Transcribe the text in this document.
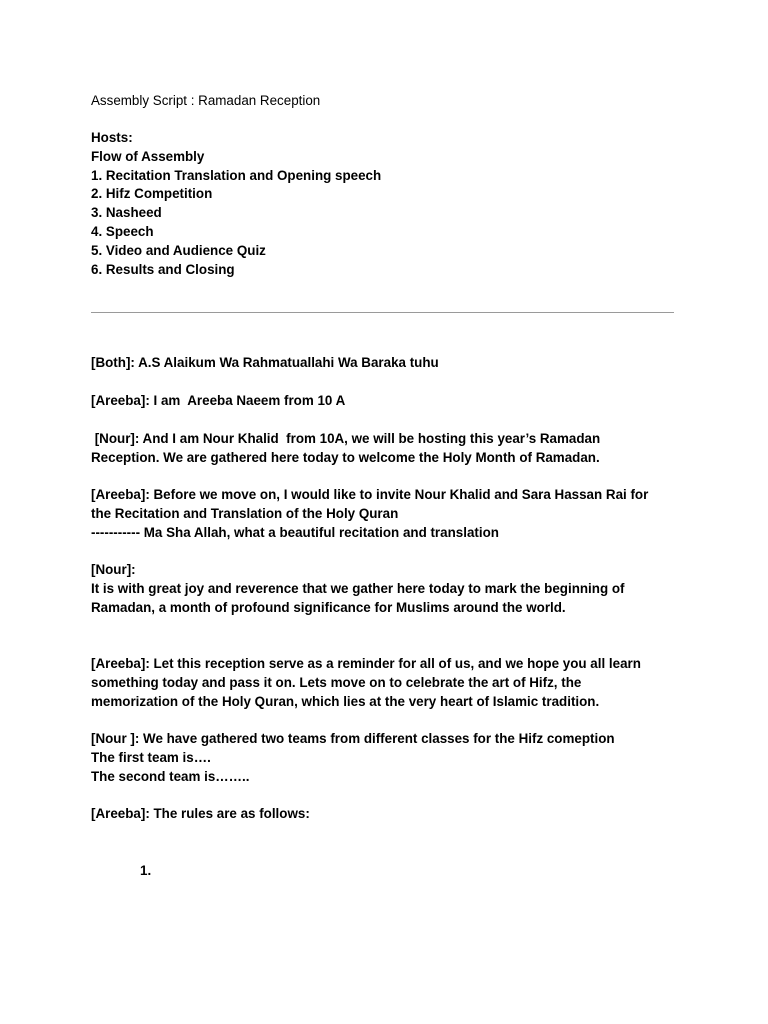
Assembly Script : Ramadan Reception
Hosts:
Flow of Assembly
1. Recitation Translation and Opening speech
2. Hifz Competition
3. Nasheed
4. Speech
5. Video and Audience Quiz
6. Results and Closing
[Both]: A.S Alaikum Wa Rahmatuallahi Wa Baraka tuhu
[Areeba]: I am  Areeba Naeem from 10 A
[Nour]: And I am Nour Khalid  from 10A, we will be hosting this year’s Ramadan
Reception. We are gathered here today to welcome the Holy Month of Ramadan.
[Areeba]: Before we move on, I would like to invite Nour Khalid and Sara Hassan Rai for
the Recitation and Translation of the Holy Quran
----------- Ma Sha Allah, what a beautiful recitation and translation
[Nour]:
It is with great joy and reverence that we gather here today to mark the beginning of
Ramadan, a month of profound significance for Muslims around the world.
[Areeba]: Let this reception serve as a reminder for all of us, and we hope you all learn
something today and pass it on. Lets move on to celebrate the art of Hifz, the
memorization of the Holy Quran, which lies at the very heart of Islamic tradition.
[Nour ]: We have gathered two teams from different classes for the Hifz comeption
The first team is….
The second team is……..
[Areeba]: The rules are as follows:
1.
